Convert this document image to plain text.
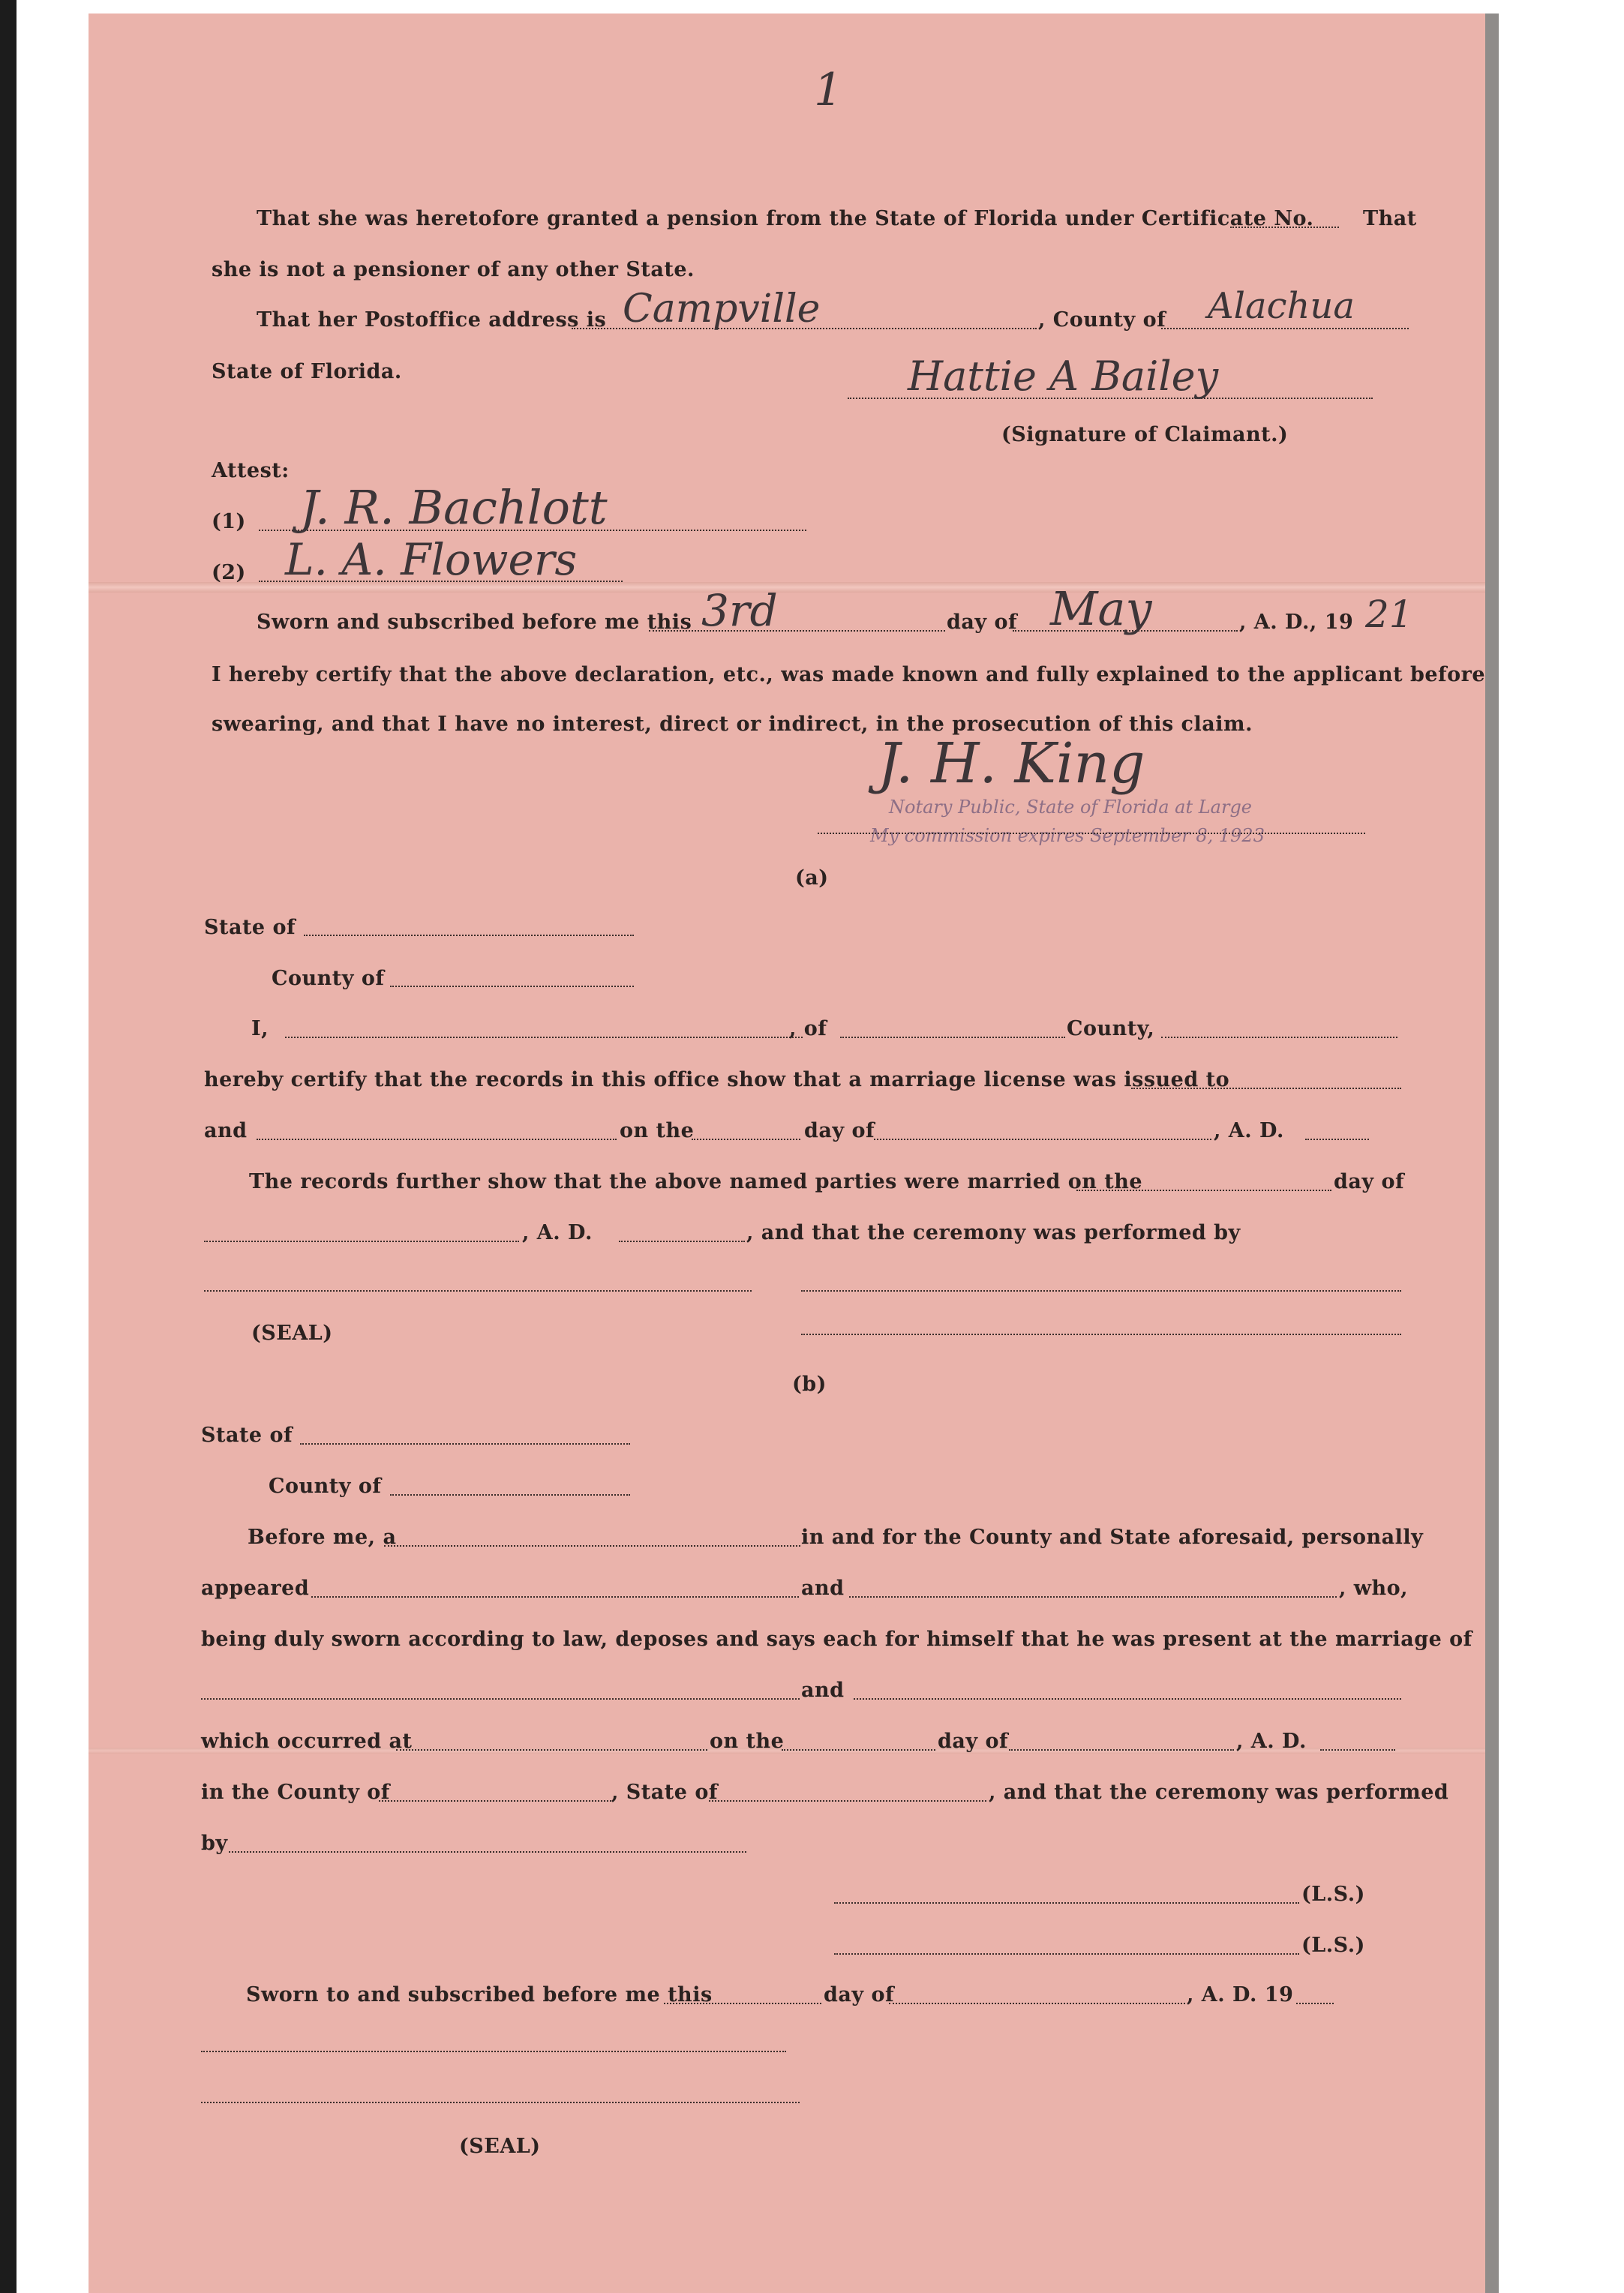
1
That she was heretofore granted a pension from the State of Florida under Certificate No. That
she is not a pensioner of any other State.
That her Postoffice address is Campville	, County of Alachua
State of Florida.	Hattie A Bailey
(Signature of Claimant.)
Attest:
(1) J. R. Bachlott
(2) L. A. Flowers
Sworn and subscribed before me this 3rd	day of May	, A. D., 19 21
I hereby certify that the above declaration, etc., was made known and fully explained to the applicant before
swearing, and that I have no interest, direct or indirect, in the prosecution of this claim.
J. H. King
Notary Public, State of Florida at Large
My commission expires September 8, 1923
(a)
State of
County of
I,	, of	County,
hereby certify that the records in this office show that a marriage license was issued to
and	on the	day of	, A. D.
The records further show that the above named parties were married on the	day of
, A. D.	, and that the ceremony was performed by
(SEAL)
(b)
State of
County of
Before me, a	in and for the County and State aforesaid, personally
appeared	and	, who,
being duly sworn according to law, deposes and says each for himself that he was present at the marriage of
and
which occurred at	on the	day of	, A. D.
in the County of	, State of	, and that the ceremony was performed
by
(L.S.)
(L.S.)
Sworn to and subscribed before me this	day of	, A. D. 19
(SEAL)
